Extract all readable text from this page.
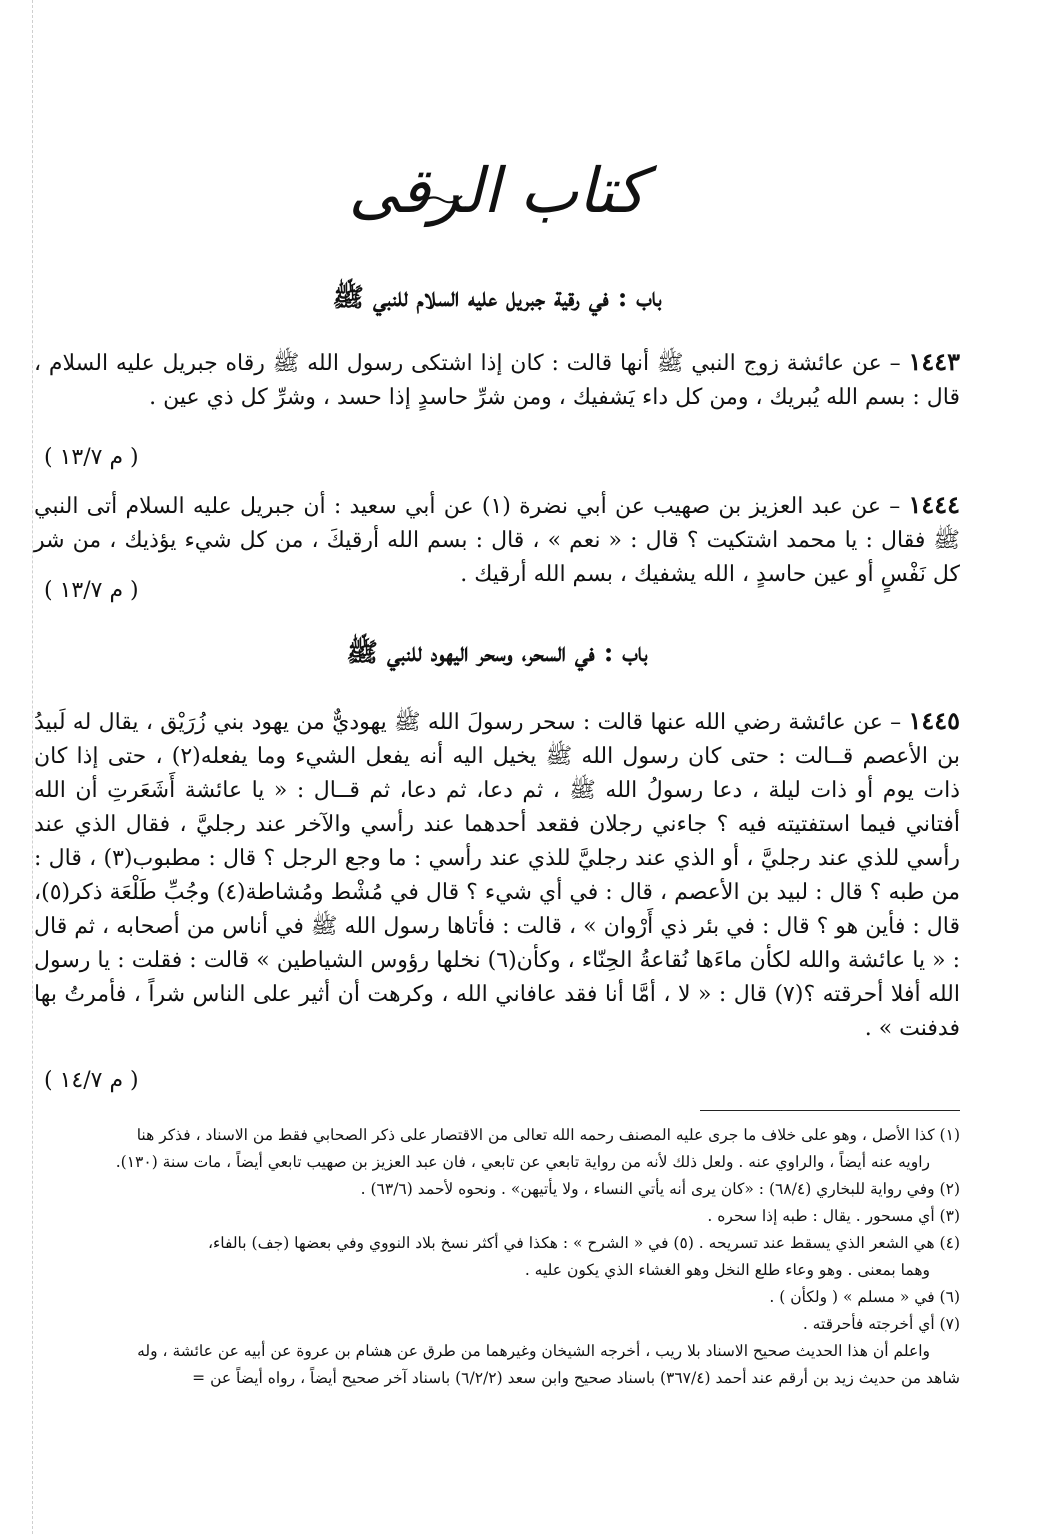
كتاب الرقى
باب : في رقية جبريل عليه السلام للنبي ﷺ
١٤٤٣ – عن عائشة زوج النبي ﷺ أنها قالت : كان إذا اشتكى رسول الله ﷺ رقاه جبريل عليه السلام ، قال : بسم الله يُبريك ، ومن كل داء يَشفيك ، ومن شرِّ حاسدٍ إذا حسد ، وشرِّ كل ذي عين .
( م ١٣/٧ )
١٤٤٤ – عن عبد العزيز بن صهيب عن أبي نضرة (١) عن أبي سعيد : أن جبريل عليه السلام أتى النبي ﷺ فقال : يا محمد اشتكيت ؟ قال : « نعم » ، قال : بسم الله أرقيكَ ، من كل شيء يؤذيك ، من شر كل نَفْسٍ أو عين حاسدٍ ، الله يشفيك ، بسم الله أرقيك .
( م ١٣/٧ )
باب : في السحر، وسحر اليهود للنبي ﷺ
١٤٤٥ – عن عائشة رضي الله عنها قالت : سحر رسولَ الله ﷺ يهوديٌّ من يهود بني زُرَيْق ، يقال له لَبيدُ بن الأعصم قــالت : حتى كان رسول الله ﷺ يخيل اليه أنه يفعل الشيء وما يفعله(٢) ، حتى إذا كان ذات يوم أو ذات ليلة ، دعا رسولُ الله ﷺ ، ثم دعا، ثم دعا، ثم قــال : « يا عائشة أَشَعَرتِ أن الله أفتاني فيما استفتيته فيه ؟ جاءني رجلان فقعد أحدهما عند رأسي والآخر عند رجليَّ ، فقال الذي عند رأسي للذي عند رجليَّ ، أو الذي عند رجليَّ للذي عند رأسي : ما وجع الرجل ؟ قال : مطبوب(٣) ، قال : من طبه ؟ قال : لبيد بن الأعصم ، قال : في أي شيء ؟ قال في مُشْط ومُشاطة(٤) وجُبِّ طَلْعَة ذكر(٥)، قال : فأين هو ؟ قال : في بئر ذي أَرْوان » ، قالت : فأتاها رسول الله ﷺ في أناس من أصحابه ، ثم قال : « يا عائشة والله لكأن ماءَها نُقاعةُ الحِنّاء ، وكأن(٦) نخلها رؤوس الشياطين » قالت : فقلت : يا رسول الله أفلا أحرقته ؟(٧) قال : « لا ، أمَّا أنا فقد عافاني الله ، وكرهت أن أثير على الناس شراً ، فأمرتُ بها فدفنت » .
( م ١٤/٧ )

(١) كذا الأصل ، وهو على خلاف ما جرى عليه المصنف رحمه الله تعالى من الاقتصار على ذكر الصحابي فقط من الاسناد ، فذكر هنا

راويه عنه أيضاً ، والراوي عنه . ولعل ذلك لأنه من رواية تابعي عن تابعي ، فان عبد العزيز بن صهيب تابعي أيضاً ، مات سنة (١٣٠).

(٢) وفي رواية للبخاري (٦٨/٤) : «كان يرى أنه يأتي النساء ، ولا يأتيهن» . ونحوه لأحمد (٦٣/٦) .

(٣) أي مسحور . يقال : طبه إذا سحره .

(٤) هي الشعر الذي يسقط عند تسريحه . (٥) في « الشرح » : هكذا في أكثر نسخ بلاد النووي وفي بعضها (جف) بالفاء،

وهما بمعنى . وهو وعاء طلع النخل وهو الغشاء الذي يكون عليه .

(٦) في « مسلم » ( ولكأن ) .

(٧) أي أخرجته فأحرقته .

واعلم أن هذا الحديث صحيح الاسناد بلا ريب ، أخرجه الشيخان وغيرهما من طرق عن هشام بن عروة عن أبيه عن عائشة ، وله

شاهد من حديث زيد بن أرقم عند أحمد (٣٦٧/٤) باسناد صحيح وابن سعد (٦/٢/٢) باسناد آخر صحيح أيضاً ، رواه أيضاً عن =
